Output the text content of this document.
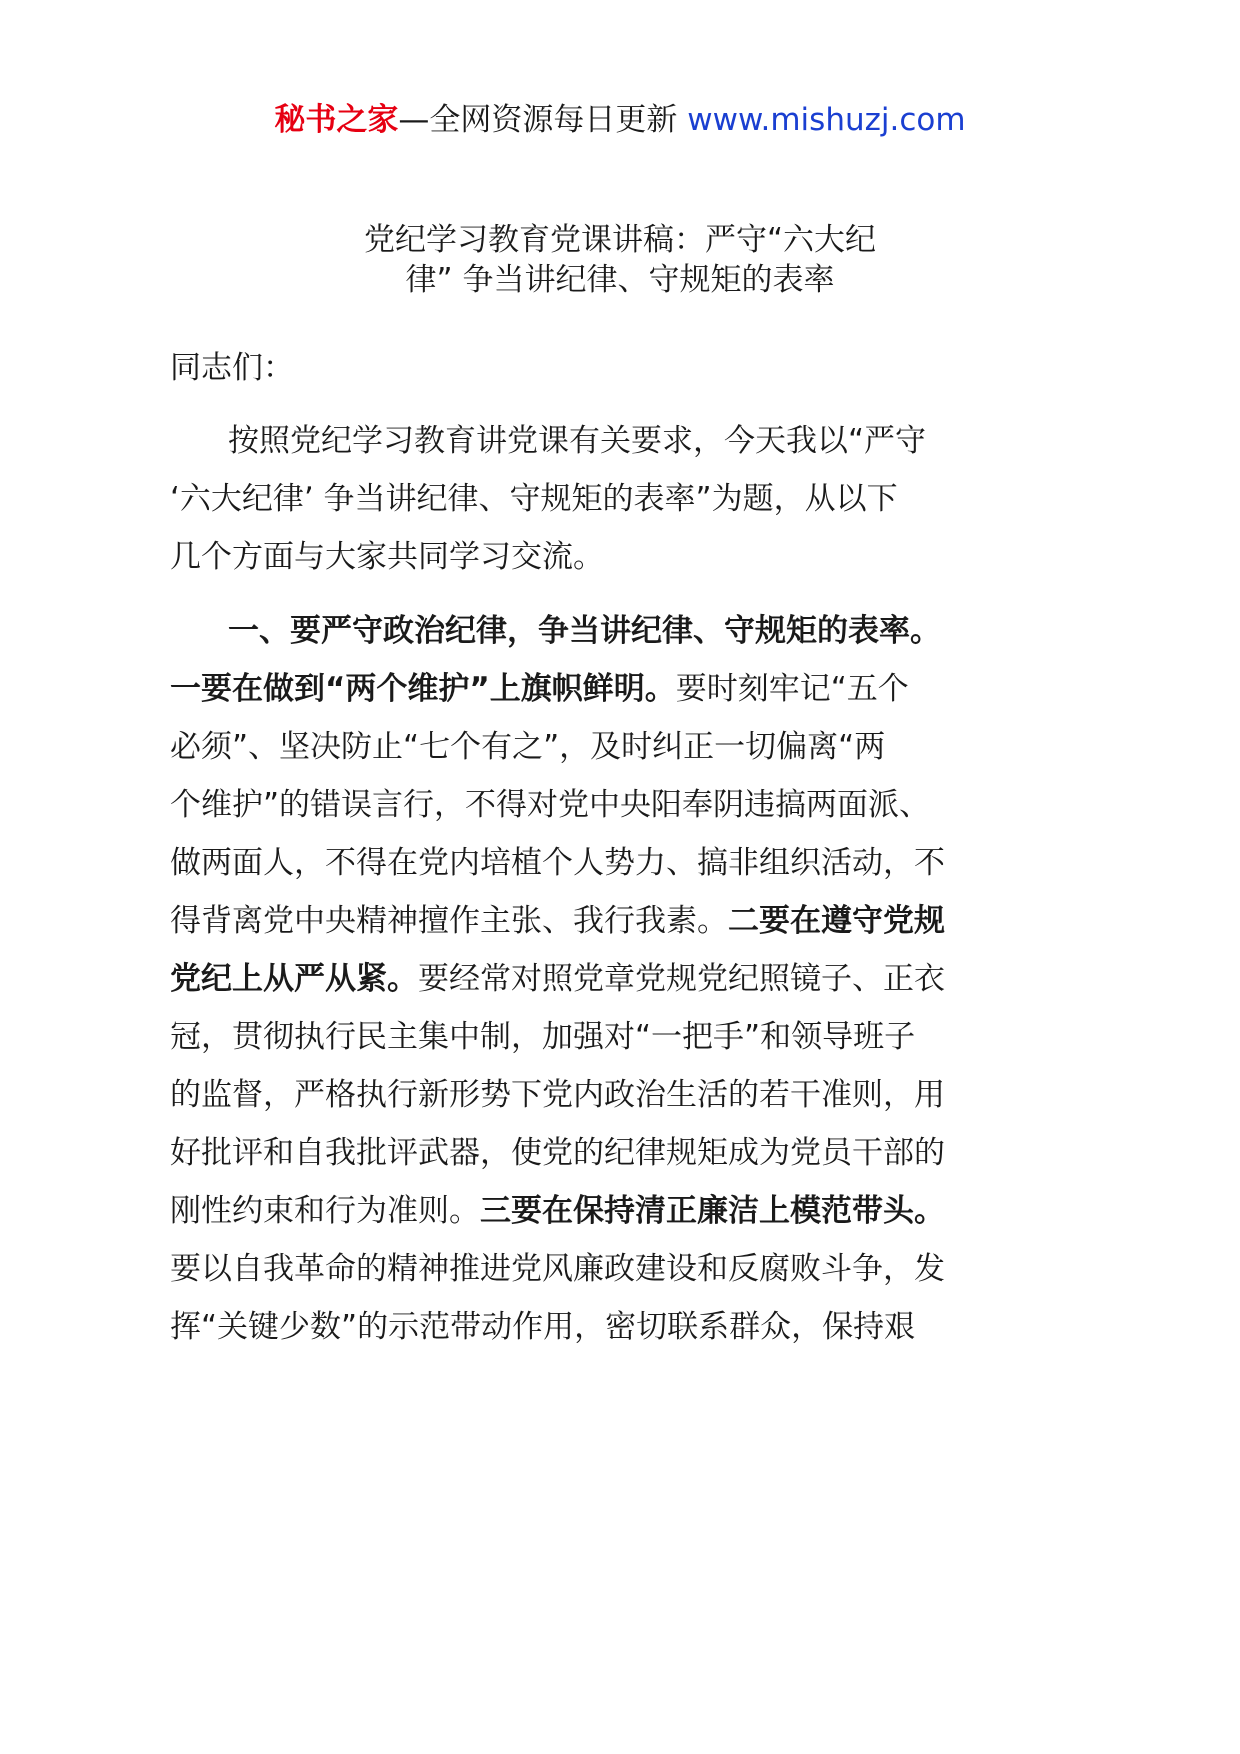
秘书之家—全网资源每日更新 www.mishuzj.com
党纪学习教育党课讲稿：严守“六大纪
律” 争当讲纪律、守规矩的表率
同志们：
按照党纪学习教育讲党课有关要求，今天我以“严守
‘六大纪律’ 争当讲纪律、守规矩的表率”为题，从以下
几个方面与大家共同学习交流。
一、要严守政治纪律，争当讲纪律、守规矩的表率。
一要在做到“两个维护”上旗帜鲜明。要时刻牢记“五个
必须”、坚决防止“七个有之”，及时纠正一切偏离“两
个维护”的错误言行，不得对党中央阳奉阴违搞两面派、
做两面人，不得在党内培植个人势力、搞非组织活动，不
得背离党中央精神擅作主张、我行我素。二要在遵守党规
党纪上从严从紧。要经常对照党章党规党纪照镜子、正衣
冠，贯彻执行民主集中制，加强对“一把手”和领导班子
的监督，严格执行新形势下党内政治生活的若干准则，用
好批评和自我批评武器，使党的纪律规矩成为党员干部的
刚性约束和行为准则。三要在保持清正廉洁上模范带头。
要以自我革命的精神推进党风廉政建设和反腐败斗争，发
挥“关键少数”的示范带动作用，密切联系群众，保持艰
